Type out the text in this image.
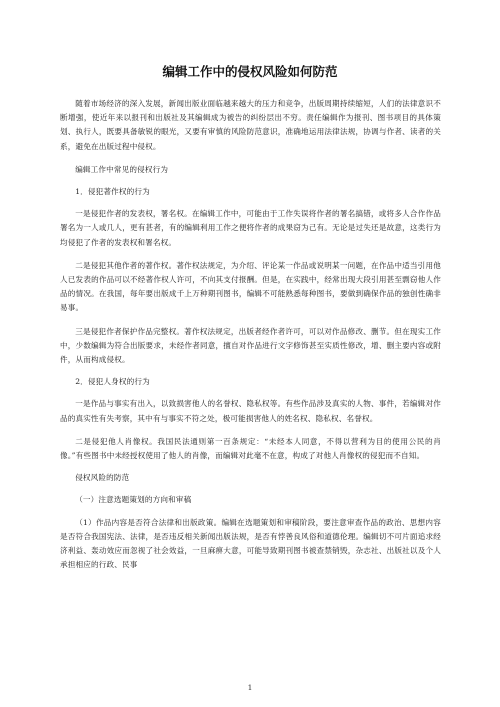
编辑工作中的侵权风险如何防范

随着市场经济的深入发展，新闻出版业面临越来越大的压力和竞争，出版周期持续缩短，人们的法律意识不断增强，使近年来以报刊和出版社及其编辑成为被告的纠纷层出不穷。责任编辑作为报刊、图书项目的具体策划、执行人，既要具备敏锐的眼光，又要有审慎的风险防范意识，准确地运用法律法规，协调与作者、读者的关系，避免在出版过程中侵权。

编辑工作中常见的侵权行为

1．侵犯著作权的行为

一是侵犯作者的发表权，署名权。在编辑工作中，可能由于工作失误将作者的署名搞错，或将多人合作作品署名为一人或几人，更有甚者，有的编辑利用工作之便将作者的成果窃为己有。无论是过失还是故意，这类行为均侵犯了作者的发表权和署名权。

二是侵犯其他作者的著作权。著作权法规定，为介绍、评论某一作品或说明某一问题，在作品中适当引用他人已发表的作品可以不经著作权人许可，不向其支付报酬。但是，在实践中，经常出现大段引用甚至剽窃他人作品的情况。在我国，每年要出版成千上万种期刊图书，编辑不可能熟悉每种图书，要做到确保作品的独创性确非易事。

三是侵犯作者保护作品完整权。著作权法规定，出版者经作者许可，可以对作品修改、删节。但在现实工作中，少数编辑为符合出版要求，未经作者同意，擅自对作品进行文字修饰甚至实质性修改，增、删主要内容或附件，从而构成侵权。

2．侵犯人身权的行为

一是作品与事实有出入，以致损害他人的名誉权、隐私权等。有些作品涉及真实的人物、事件，若编辑对作品的真实性有失考察，其中有与事实不符之处，极可能损害他人的姓名权、隐私权、名誉权。

二是侵犯他人肖像权。我国民法通则第一百条规定：“未经本人同意，不得以营利为目的使用公民的肖像。”有些图书中未经授权使用了他人的肖像，而编辑对此毫不在意，构成了对他人肖像权的侵犯而不自知。

侵权风险的防范

（一）注意选题策划的方向和审稿

（1）作品内容是否符合法律和出版政策。编辑在选题策划和审稿阶段，要注意审查作品的政治、思想内容是否符合我国宪法、法律，是否违反相关新闻出版法规，是否有悖善良风俗和道德伦理。编辑切不可片面追求经济利益、轰动效应而忽视了社会效益，一旦麻痹大意，可能导致期刊图书被查禁销毁，杂志社、出版社以及个人承担相应的行政、民事

1
